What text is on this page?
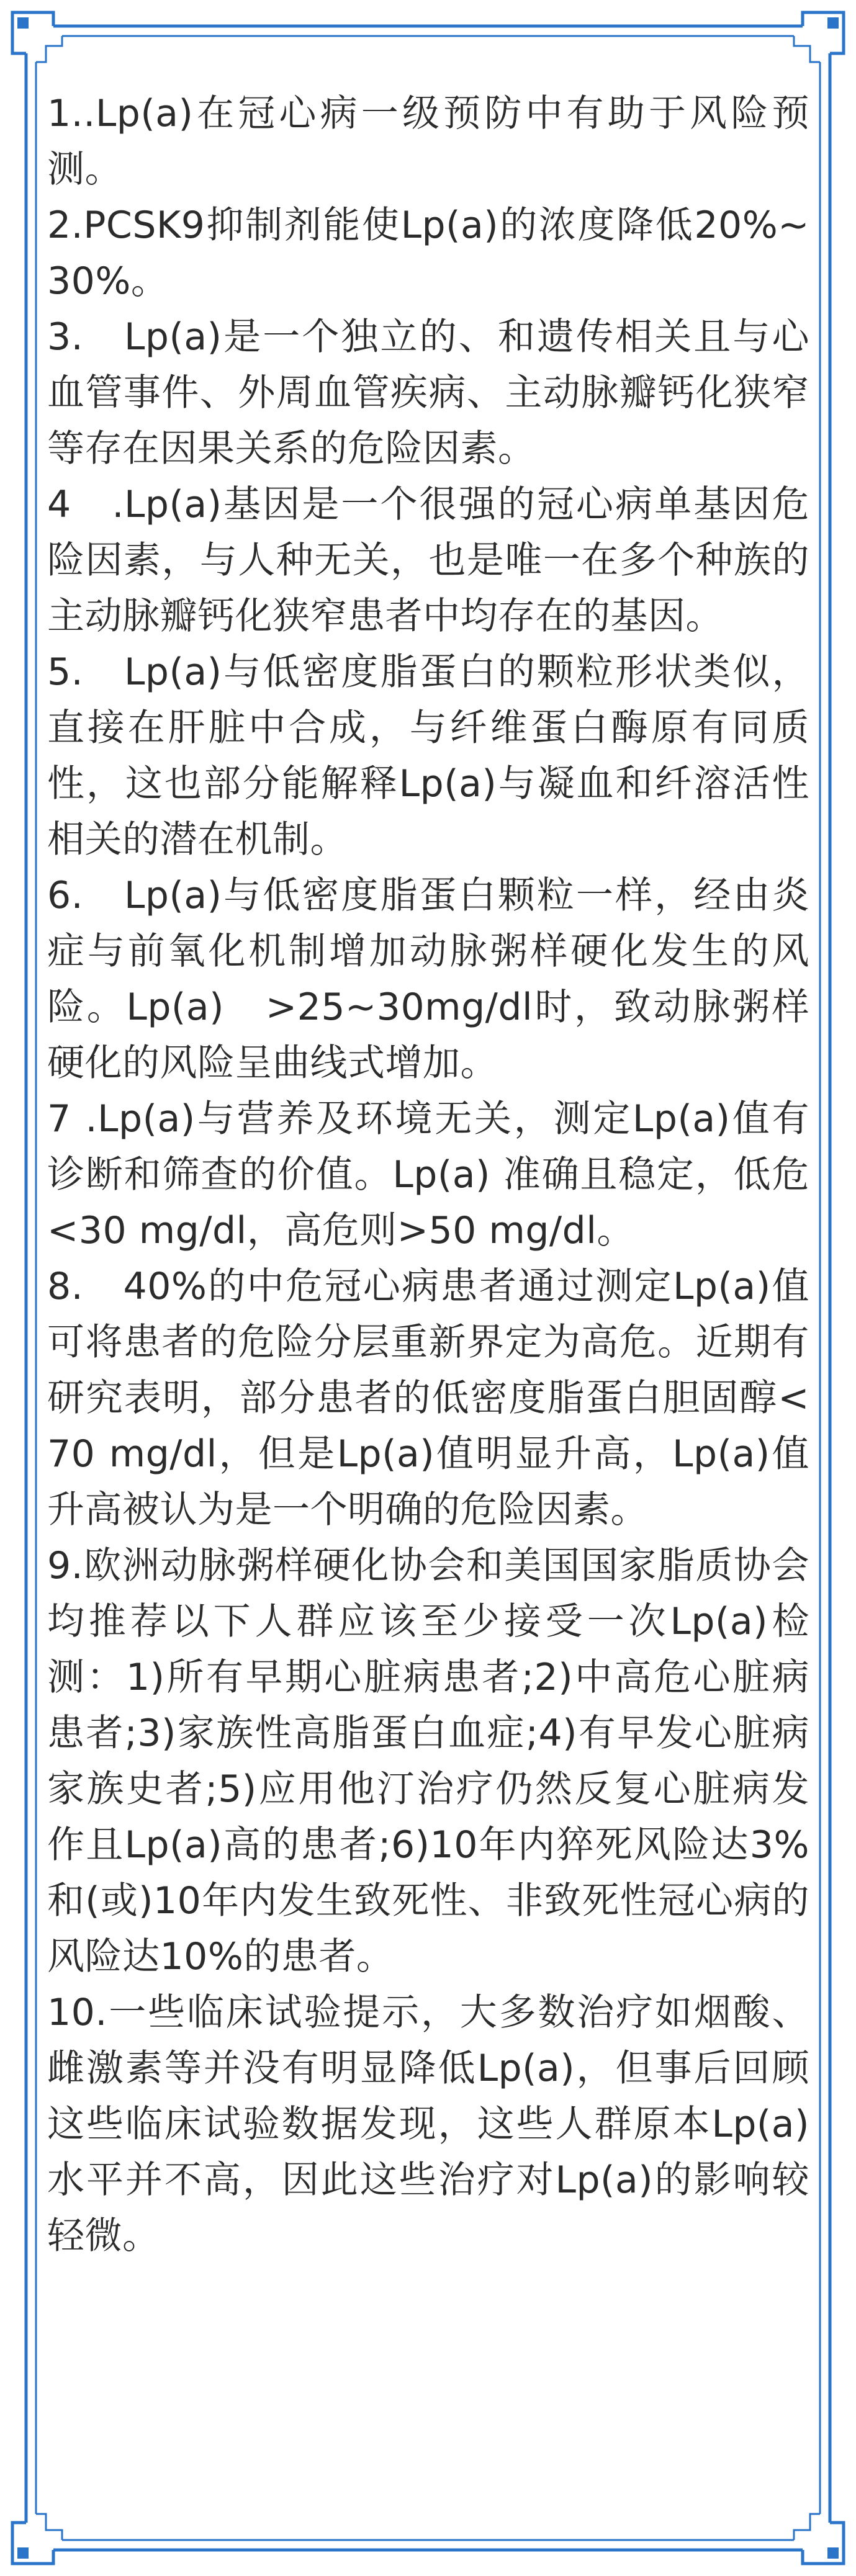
1..Lp(a)在冠心病一级预防中有助于风险预测。

2.PCSK9抑制剂能使Lp(a)的浓度降低20%~30%。

3.　Lp(a)是一个独立的、和遗传相关且与心血管事件、外周血管疾病、主动脉瓣钙化狭窄等存在因果关系的危险因素。

4　.Lp(a)基因是一个很强的冠心病单基因危险因素，与人种无关，也是唯一在多个种族的主动脉瓣钙化狭窄患者中均存在的基因。

5.　Lp(a)与低密度脂蛋白的颗粒形状类似，直接在肝脏中合成，与纤维蛋白酶原有同质性，这也部分能解释Lp(a)与凝血和纤溶活性相关的潜在机制。

6.　Lp(a)与低密度脂蛋白颗粒一样，经由炎症与前氧化机制增加动脉粥样硬化发生的风险。Lp(a)　>25~30mg/dl时，致动脉粥样硬化的风险呈曲线式增加。

7 .Lp(a)与营养及环境无关，测定Lp(a)值有诊断和筛查的价值。Lp(a) 准确且稳定，低危<30 mg/dl，高危则>50 mg/dl。

8.　40%的中危冠心病患者通过测定Lp(a)值可将患者的危险分层重新界定为高危。近期有研究表明，部分患者的低密度脂蛋白胆固醇<70 mg/dl，但是Lp(a)值明显升高，Lp(a)值升高被认为是一个明确的危险因素。

9.欧洲动脉粥样硬化协会和美国国家脂质协会均推荐以下人群应该至少接受一次Lp(a)检测：1)所有早期心脏病患者;2)中高危心脏病患者;3)家族性高脂蛋白血症;4)有早发心脏病家族史者;5)应用他汀治疗仍然反复心脏病发作且Lp(a)高的患者;6)10年内猝死风险达3%和(或)10年内发生致死性、非致死性冠心病的风险达10%的患者。

10.一些临床试验提示，大多数治疗如烟酸、雌激素等并没有明显降低Lp(a)，但事后回顾这些临床试验数据发现，这些人群原本Lp(a)水平并不高，因此这些治疗对Lp(a)的影响较轻微。
